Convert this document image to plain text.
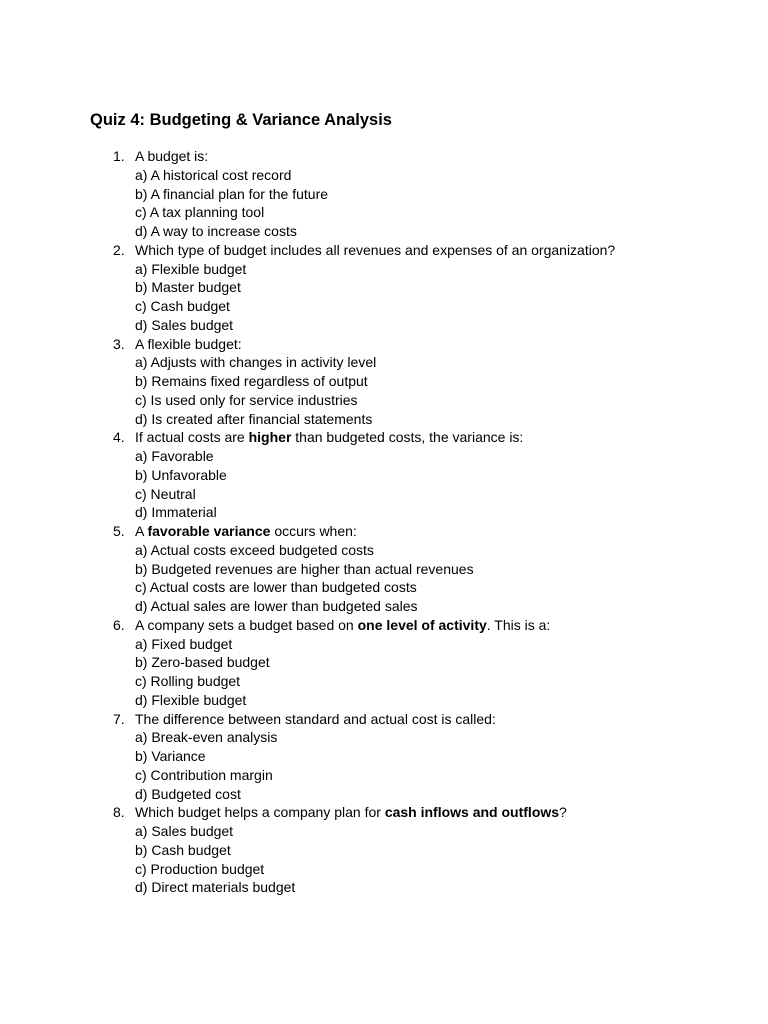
Quiz 4: Budgeting & Variance Analysis
1. A budget is:
a) A historical cost record
b) A financial plan for the future
c) A tax planning tool
d) A way to increase costs
2. Which type of budget includes all revenues and expenses of an organization?
a) Flexible budget
b) Master budget
c) Cash budget
d) Sales budget
3. A flexible budget:
a) Adjusts with changes in activity level
b) Remains fixed regardless of output
c) Is used only for service industries
d) Is created after financial statements
4. If actual costs are higher than budgeted costs, the variance is:
a) Favorable
b) Unfavorable
c) Neutral
d) Immaterial
5. A favorable variance occurs when:
a) Actual costs exceed budgeted costs
b) Budgeted revenues are higher than actual revenues
c) Actual costs are lower than budgeted costs
d) Actual sales are lower than budgeted sales
6. A company sets a budget based on one level of activity. This is a:
a) Fixed budget
b) Zero-based budget
c) Rolling budget
d) Flexible budget
7. The difference between standard and actual cost is called:
a) Break-even analysis
b) Variance
c) Contribution margin
d) Budgeted cost
8. Which budget helps a company plan for cash inflows and outflows?
a) Sales budget
b) Cash budget
c) Production budget
d) Direct materials budget
